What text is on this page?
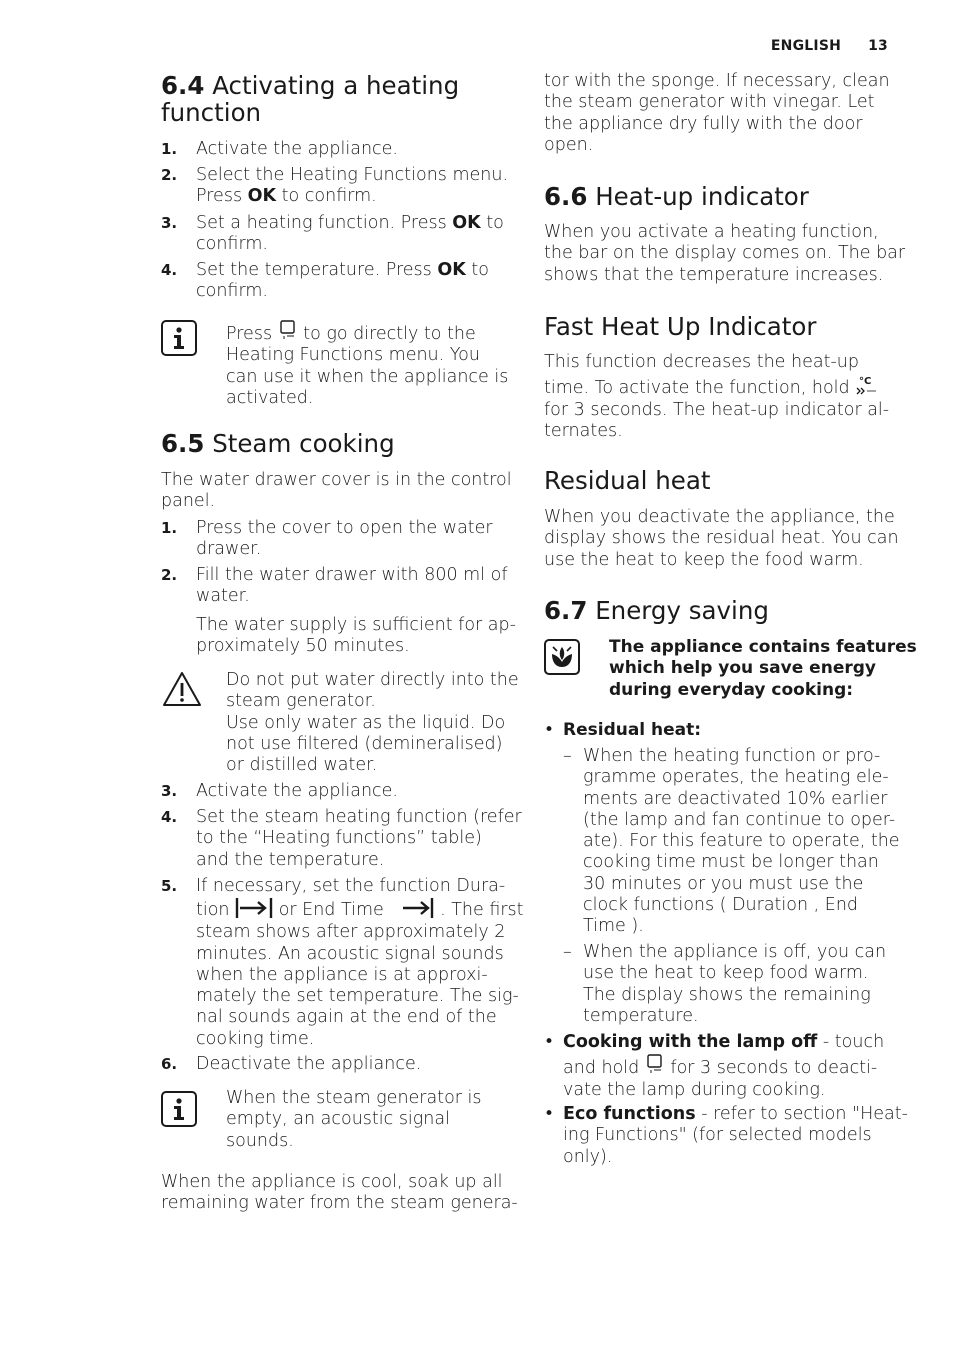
ENGLISH 13
6.4 Activating a heating
function
1. Activate the appliance.
2. Select the Heating Functions menu.
Press OK to confirm.
3. Set a heating function. Press OK to
confirm.
4. Set the temperature. Press OK to
confirm.
Press to go directly to the
Heating Functions menu. You
can use it when the appliance is
activated.
6.5 Steam cooking
The water drawer cover is in the control
panel.
1. Press the cover to open the water
drawer.
2. Fill the water drawer with 800 ml of
water.
The water supply is sufficient for ap-
proximately 50 minutes.
Do not put water directly into the
steam generator.
Use only water as the liquid. Do
not use filtered (demineralised)
or distilled water.
3. Activate the appliance.
4. Set the steam heating function (refer
to the “Heating functions” table)
and the temperature.
5. If necessary, set the function Dura-
tion	or End Time	. The first
steam shows after approximately 2
minutes. An acoustic signal sounds
when the appliance is at approxi-
mately the set temperature. The sig-
nal sounds again at the end of the
cooking time.
6. Deactivate the appliance.
When the steam generator is
empty, an acoustic signal
sounds.
When the appliance is cool, soak up all
remaining water from the steam genera-
tor with the sponge. If necessary, clean
the steam generator with vinegar. Let
the appliance dry fully with the door
open.
6.6 Heat-up indicator
When you activate a heating function,
the bar on the display comes on. The bar
shows that the temperature increases.
Fast Heat Up Indicator
This function decreases the heat-up
time. To activate the function, hold °C

for 3 seconds. The heat-up indicator al-
ternates.
Residual heat
When you deactivate the appliance, the
display shows the residual heat. You can
use the heat to keep the food warm.
6.7 Energy saving
The appliance contains features
which help you save energy
during everyday cooking:
• Residual heat:
– When the heating function or pro-
gramme operates, the heating ele-
ments are deactivated 10% earlier
(the lamp and fan continue to oper-
ate). For this feature to operate, the
cooking time must be longer than
30 minutes or you must use the
clock functions ( Duration , End
Time ).
– When the appliance is off, you can
use the heat to keep food warm.
The display shows the remaining
temperature.
• Cooking with the lamp off - touch
and hold for 3 seconds to deacti-
vate the lamp during cooking.
• Eco functions - refer to section "Heat-
ing Functions" (for selected models
only).
